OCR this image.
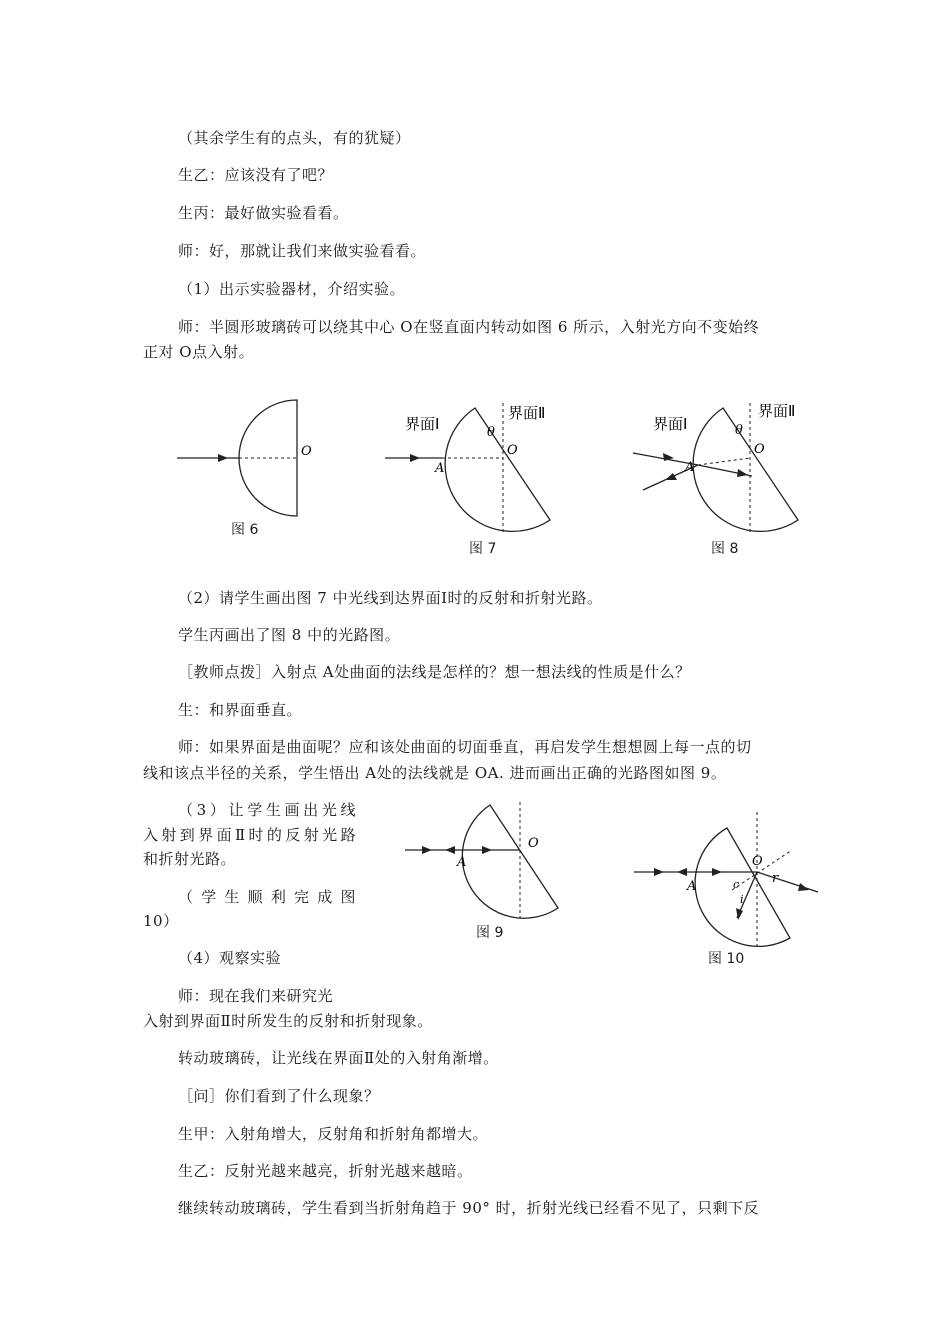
（其余学生有的点头，有的犹疑）
生乙：应该没有了吧？
生丙：最好做实验看看。
师：好，那就让我们来做实验看看。
（1）出示实验器材，介绍实验。
师：半圆形玻璃砖可以绕其中心 O在竖直面内转动如图 6 所示，入射光方向不变始终
正对 O点入射。
O
图 6
界面Ⅰ
界面Ⅱ
θ
O
A
图 7
界面Ⅰ
界面Ⅱ
θ
O
A
图 8
（2）请学生画出图 7 中光线到达界面Ⅰ时的反射和折射光路。
学生丙画出了图 8 中的光路图。
［教师点拨］入射点 A处曲面的法线是怎样的？想一想法线的性质是什么？
生：和界面垂直。
师：如果界面是曲面呢？应和该处曲面的切面垂直，再启发学生想想圆上每一点的切
线和该点半径的关系，学生悟出 A处的法线就是 OA. 进而画出正确的光路图如图 9。
（3）让学生画出光线
入射到界面Ⅱ时的反射光路
和折射光路。
（学生顺利完成图
10）
（4）观察实验
O
A
图 9
O
A	c	r
i
图 10
师：现在我们来研究光
入射到界面Ⅱ时所发生的反射和折射现象。
转动玻璃砖，让光线在界面Ⅱ处的入射角渐增。
［问］你们看到了什么现象？
生甲：入射角增大，反射角和折射角都增大。
生乙：反射光越来越亮，折射光越来越暗。
继续转动玻璃砖，学生看到当折射角趋于 90° 时，折射光线已经看不见了，只剩下反
